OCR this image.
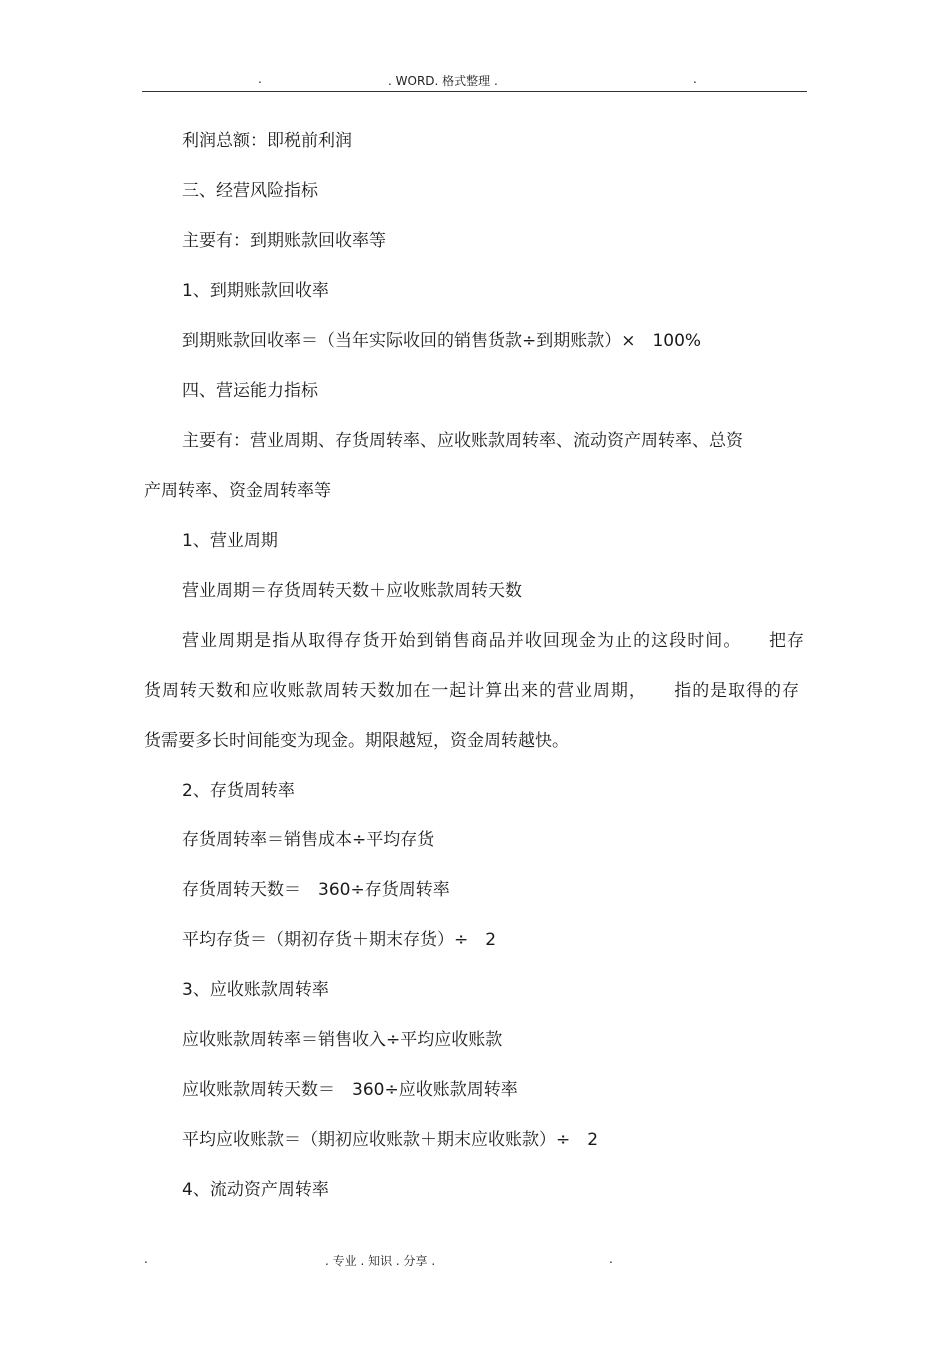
.	. WORD. 格式整理 .	.
利润总额：即税前利润
三、经营风险指标
主要有：到期账款回收率等
1、到期账款回收率
到期账款回收率＝（当年实际收回的销售货款÷到期账款）×　100%
四、营运能力指标
主要有：营业周期、存货周转率、应收账款周转率、流动资产周转率、总资
产周转率、资金周转率等
1、营业周期
营业周期＝存货周转天数＋应收账款周转天数
营业周期是指从取得存货开始到销售商品并收回现金为止的这段时间。　　把存
货周转天数和应收账款周转天数加在一起计算出来的营业周期，　　指的是取得的存
货需要多长时间能变为现金。期限越短，资金周转越快。
2、存货周转率
存货周转率＝销售成本÷平均存货
存货周转天数＝　360÷存货周转率
平均存货＝（期初存货＋期末存货）÷　2
3、应收账款周转率
应收账款周转率＝销售收入÷平均应收账款
应收账款周转天数＝　360÷应收账款周转率
平均应收账款＝（期初应收账款＋期末应收账款）÷　2
4、流动资产周转率
.	. 专业 . 知识 . 分享 .	.
